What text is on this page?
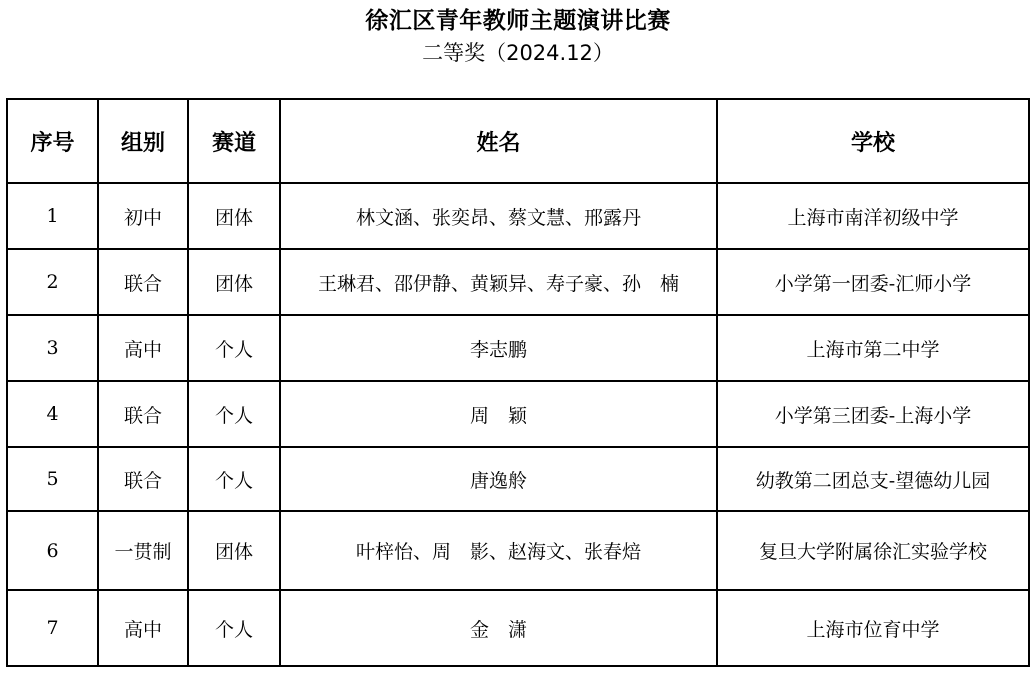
徐汇区青年教师主题演讲比赛
二等奖（2024.12）
序号	组别	赛道	姓名	学校
1	初中	团体	林文涵、张奕昂、蔡文慧、邢露丹	上海市南洋初级中学
2	联合	团体	王琳君、邵伊静、黄颖异、寿子豪、孙　楠	小学第一团委-汇师小学
3	高中	个人	李志鹏	上海市第二中学
4	联合	个人	周　颖	小学第三团委-上海小学
5	联合	个人	唐逸舲	幼教第二团总支-望德幼儿园
6	一贯制	团体	叶梓怡、周　影、赵海文、张春焙	复旦大学附属徐汇实验学校
7	高中	个人	金　潇	上海市位育中学
